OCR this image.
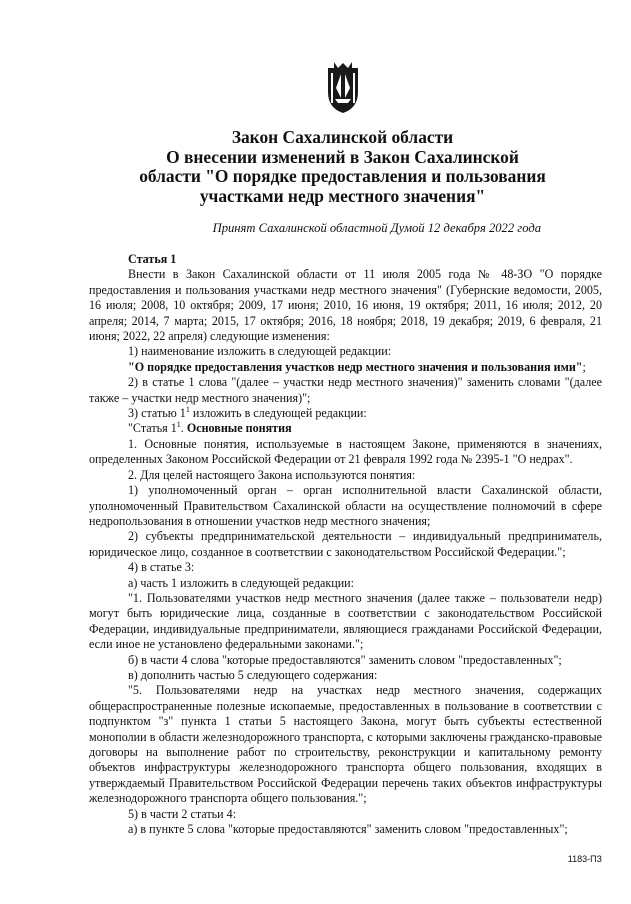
Закон Сахалинской области
О внесении изменений в Закон Сахалинской
области "О порядке предоставления и пользования
участками недр местного значения"
Принят Сахалинской областной Думой 12 декабря 2022 года

Статья 1

Внести в Закон Сахалинской области от 11 июля 2005 года № 48-ЗО "О порядке предоставления и пользования участками недр местного значения" (Губернские ведомости, 2005, 16 июля; 2008, 10 октября; 2009, 17 июня; 2010, 16 июня, 19 октября; 2011, 16 июля; 2012, 20 апреля; 2014, 7 марта; 2015, 17 октября; 2016, 18 ноября; 2018, 19 декабря; 2019, 6 февраля, 21 июня; 2022, 22 апреля) следующие изменения:

1) наименование изложить в следующей редакции:

"О порядке предоставления участков недр местного значения и пользования ими";

2) в статье 1 слова "(далее – участки недр местного значения)" заменить словами "(далее также – участки недр местного значения)";

3) статью $1^1$ изложить в следующей редакции:

"Статья $1^1$. Основные понятия

1. Основные понятия, используемые в настоящем Законе, применяются в значениях, определенных Законом Российской Федерации от 21 февраля 1992 года № 2395-1 "О недрах".

2. Для целей настоящего Закона используются понятия:

1) уполномоченный орган – орган исполнительной власти Сахалинской области, уполномоченный Правительством Сахалинской области на осуществление полномочий в сфере недропользования в отношении участков недр местного значения;

2) субъекты предпринимательской деятельности – индивидуальный предприниматель, юридическое лицо, созданное в соответствии с законодательством Российской Федерации.";

4) в статье 3:

а) часть 1 изложить в следующей редакции:

"1. Пользователями участков недр местного значения (далее также – пользователи недр) могут быть юридические лица, созданные в соответствии с законодательством Российской Федерации, индивидуальные предприниматели, являющиеся гражданами Российской Федерации, если иное не установлено федеральными законами.";

б) в части 4 слова "которые предоставляются" заменить словом "предоставленных";

в) дополнить частью 5 следующего содержания:

"5. Пользователями недр на участках недр местного значения, содержащих общераспространенные полезные ископаемые, предоставленных в пользование в соответствии с подпунктом "з" пункта 1 статьи 5 настоящего Закона, могут быть субъекты естественной монополии в области железнодорожного транспорта, с которыми заключены гражданско-правовые договоры на выполнение работ по строительству, реконструкции и капитальному ремонту объектов инфраструктуры железнодорожного транспорта общего пользования, входящих в утверждаемый Правительством Российской Федерации перечень таких объектов инфраструктуры железнодорожного транспорта общего пользования.";

5) в части 2 статьи 4:

а) в пункте 5 слова "которые предоставляются" заменить словом "предоставленных";

1183-ПЗ
